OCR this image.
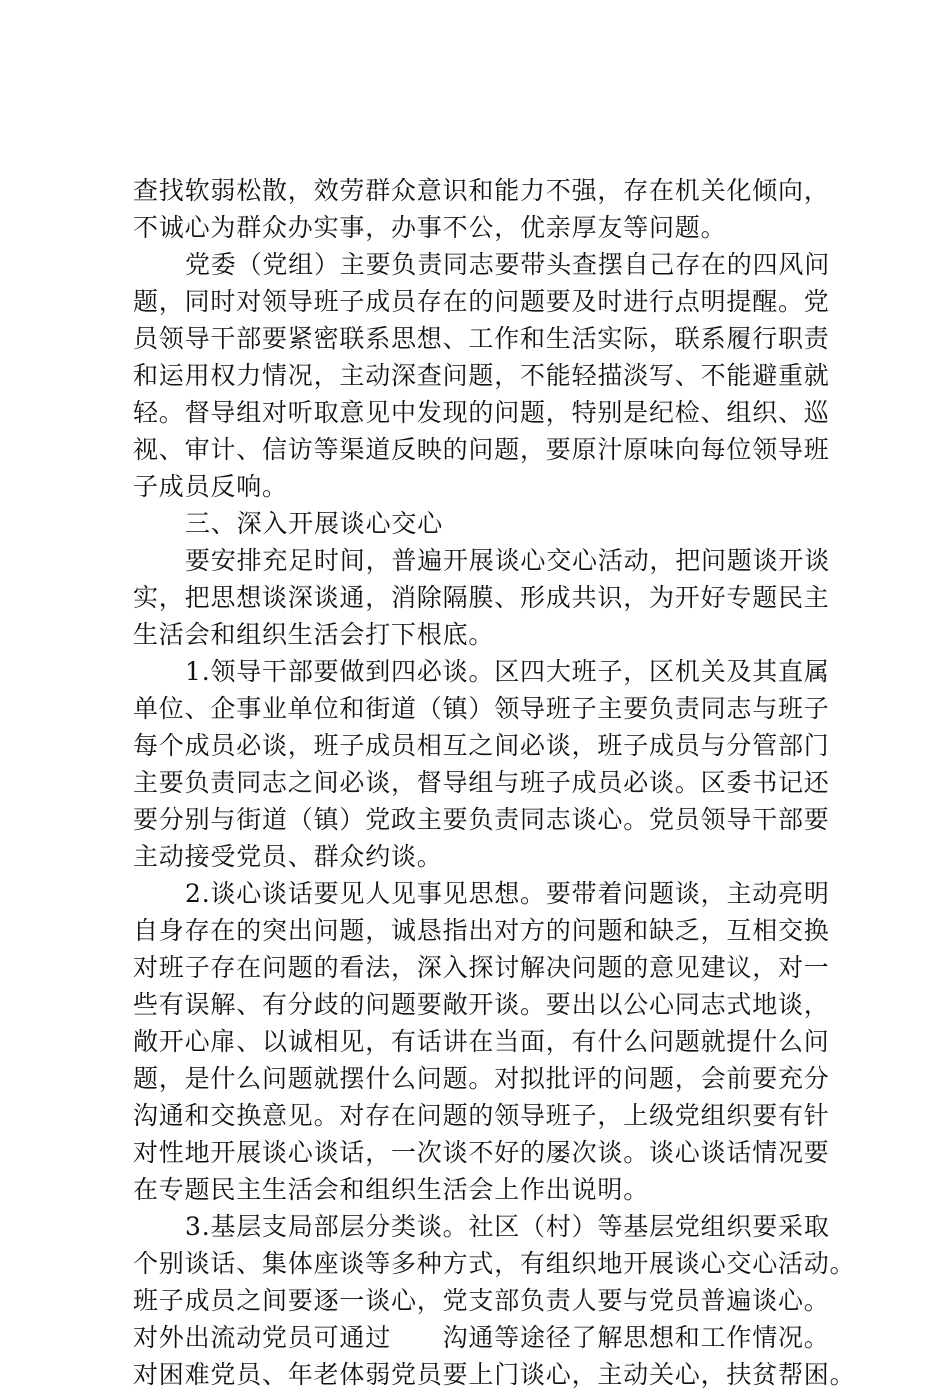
查找软弱松散，效劳群众意识和能力不强，存在机关化倾向，
不诚心为群众办实事，办事不公，优亲厚友等问题。
党委（党组）主要负责同志要带头查摆自己存在的四风问
题，同时对领导班子成员存在的问题要及时进行点明提醒。党
员领导干部要紧密联系思想、工作和生活实际，联系履行职责
和运用权力情况，主动深查问题，不能轻描淡写、不能避重就
轻。督导组对听取意见中发现的问题，特别是纪检、组织、巡
视、审计、信访等渠道反映的问题，要原汁原味向每位领导班
子成员反响。
三、深入开展谈心交心
要安排充足时间，普遍开展谈心交心活动，把问题谈开谈
实，把思想谈深谈通，消除隔膜、形成共识，为开好专题民主
生活会和组织生活会打下根底。
1.领导干部要做到四必谈。区四大班子，区机关及其直属
单位、企事业单位和街道（镇）领导班子主要负责同志与班子
每个成员必谈，班子成员相互之间必谈，班子成员与分管部门
主要负责同志之间必谈，督导组与班子成员必谈。区委书记还
要分别与街道（镇）党政主要负责同志谈心。党员领导干部要
主动接受党员、群众约谈。
2.谈心谈话要见人见事见思想。要带着问题谈，主动亮明
自身存在的突出问题，诚恳指出对方的问题和缺乏，互相交换
对班子存在问题的看法，深入探讨解决问题的意见建议，对一
些有误解、有分歧的问题要敞开谈。要出以公心同志式地谈，
敞开心扉、以诚相见，有话讲在当面，有什么问题就提什么问
题，是什么问题就摆什么问题。对拟批评的问题，会前要充分
沟通和交换意见。对存在问题的领导班子，上级党组织要有针
对性地开展谈心谈话，一次谈不好的屡次谈。谈心谈话情况要
在专题民主生活会和组织生活会上作出说明。
3.基层支局部层分类谈。社区（村）等基层党组织要采取
个别谈话、集体座谈等多种方式，有组织地开展谈心交心活动。
班子成员之间要逐一谈心，党支部负责人要与党员普遍谈心。
对外出流动党员可通过　　沟通等途径了解思想和工作情况。
对困难党员、年老体弱党员要上门谈心，主动关心，扶贫帮困。
